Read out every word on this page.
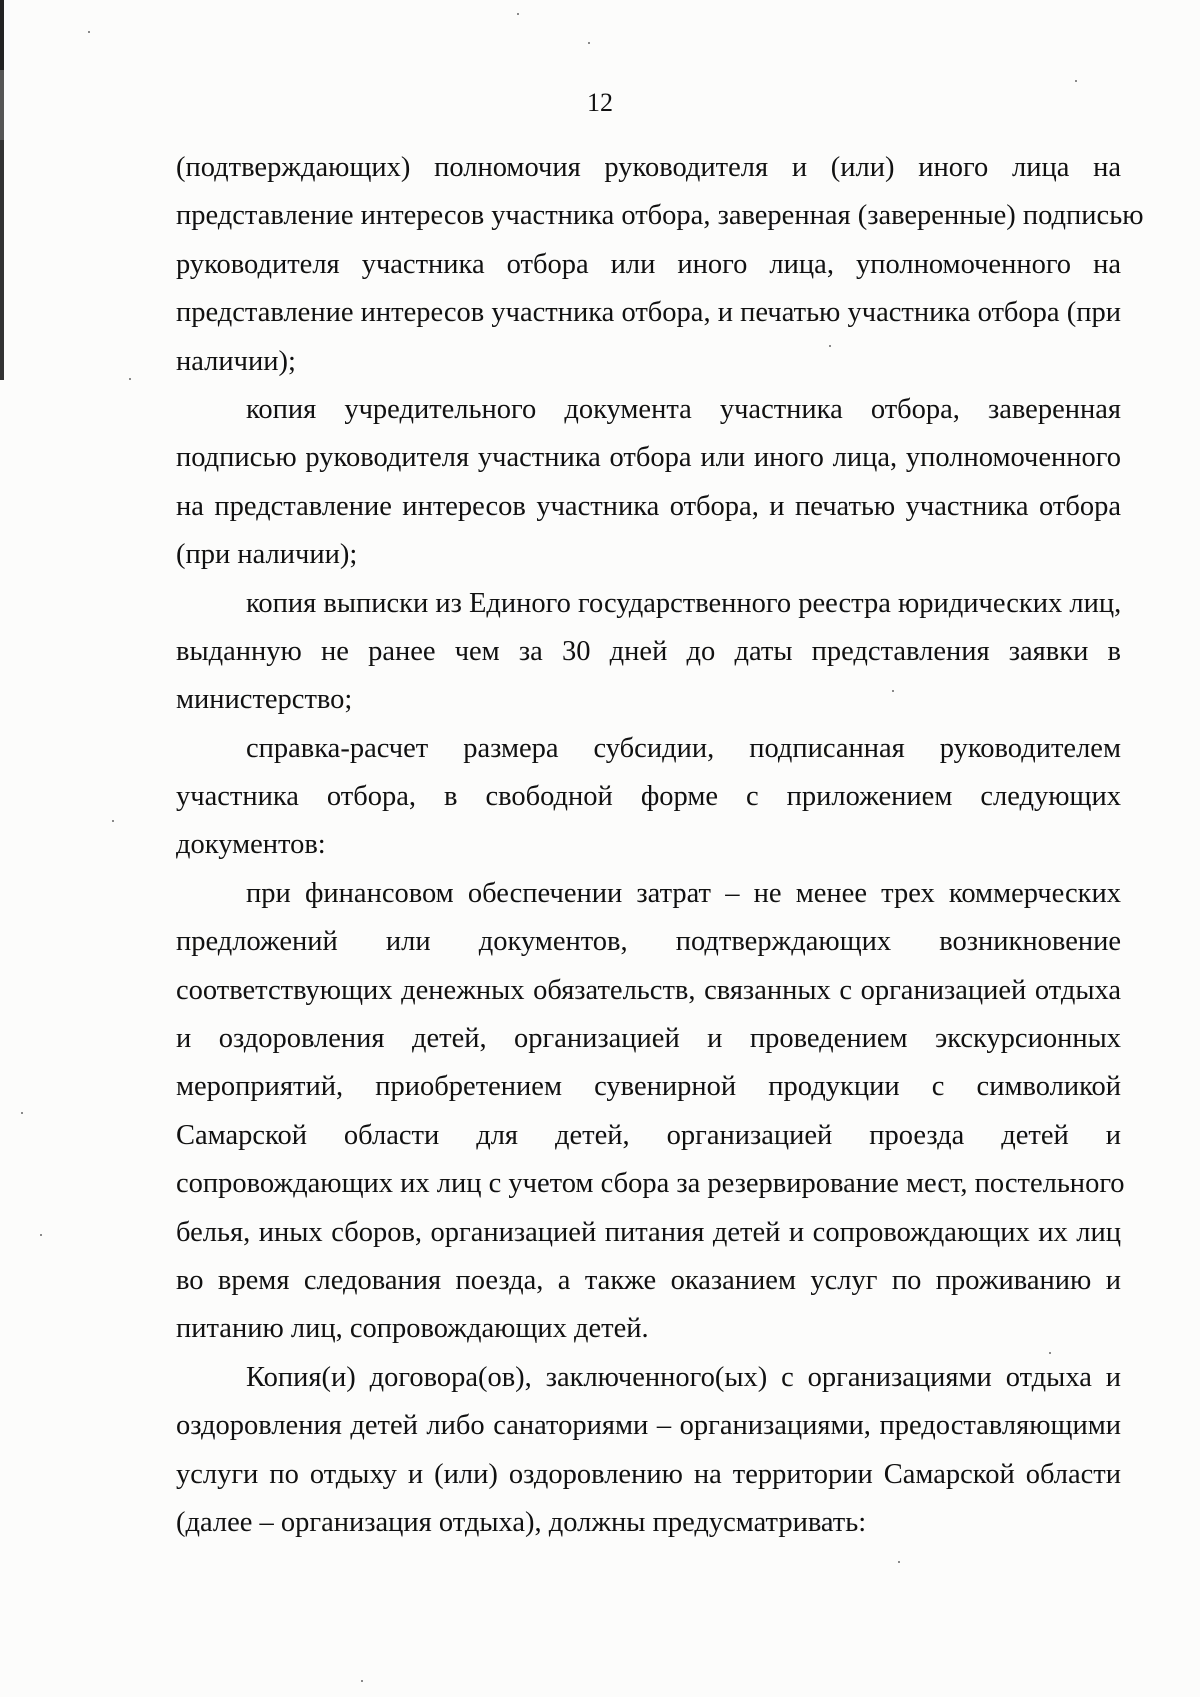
12
(подтверждающих) полномочия руководителя и (или) иного лица на
представление интересов участника отбора, заверенная (заверенные) подписью
руководителя участника отбора или иного лица, уполномоченного на
представление интересов участника отбора, и печатью участника отбора (при
наличии);
копия учредительного документа участника отбора, заверенная
подписью руководителя участника отбора или иного лица, уполномоченного
на представление интересов участника отбора, и печатью участника отбора
(при наличии);
копия выписки из Единого государственного реестра юридических лиц,
выданную не ранее чем за 30 дней до даты представления заявки в
министерство;
справка-расчет размера субсидии, подписанная руководителем
участника отбора, в свободной форме с приложением следующих
документов:
при финансовом обеспечении затрат – не менее трех коммерческих
предложений или документов, подтверждающих возникновение
соответствующих денежных обязательств, связанных с организацией отдыха
и оздоровления детей, организацией и проведением экскурсионных
мероприятий, приобретением сувенирной продукции с символикой
Самарской области для детей, организацией проезда детей и
сопровождающих их лиц с учетом сбора за резервирование мест, постельного
белья, иных сборов, организацией питания детей и сопровождающих их лиц
во время следования поезда, а также оказанием услуг по проживанию и
питанию лиц, сопровождающих детей.
Копия(и) договора(ов), заключенного(ых) с организациями отдыха и
оздоровления детей либо санаториями – организациями, предоставляющими
услуги по отдыху и (или) оздоровлению на территории Самарской области
(далее – организация отдыха), должны предусматривать:
